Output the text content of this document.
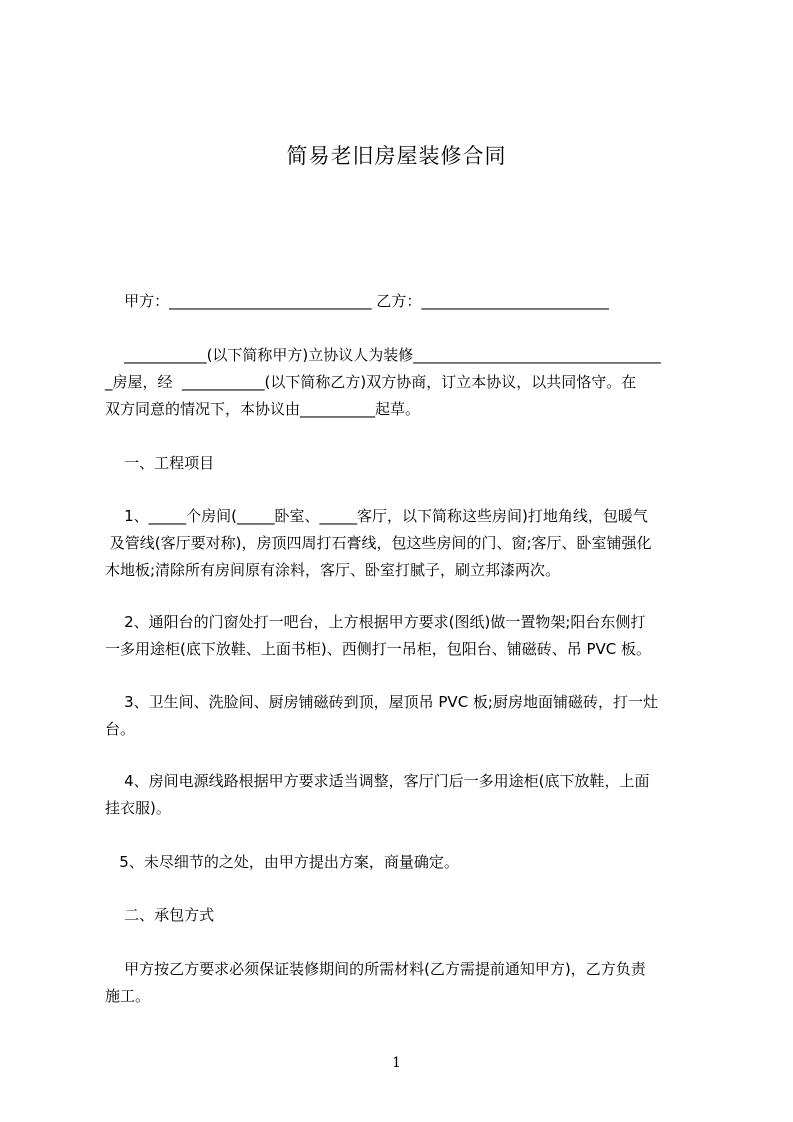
简易老旧房屋装修合同
甲方：___________________________ 乙方：_________________________
___________(以下简称甲方)立协议人为装修_________________________________
_房屋，经  ___________(以下简称乙方)双方协商，订立本协议，以共同恪守。在
双方同意的情况下，本协议由__________起草。
一、工程项目
1、_____个房间(_____卧室、_____客厅，以下简称这些房间)打地角线，包暖气
及管线(客厅要对称)，房顶四周打石膏线，包这些房间的门、窗;客厅、卧室铺强化
木地板;清除所有房间原有涂料，客厅、卧室打腻子，刷立邦漆两次。
2、通阳台的门窗处打一吧台，上方根据甲方要求(图纸)做一置物架;阳台东侧打
一多用途柜(底下放鞋、上面书柜)、西侧打一吊柜，包阳台、铺磁砖、吊 PVC 板。
3、卫生间、洗脸间、厨房铺磁砖到顶，屋顶吊 PVC 板;厨房地面铺磁砖，打一灶
台。
4、房间电源线路根据甲方要求适当调整，客厅门后一多用途柜(底下放鞋，上面
挂衣服)。
5、未尽细节的之处，由甲方提出方案，商量确定。
二、承包方式
甲方按乙方要求必须保证装修期间的所需材料(乙方需提前通知甲方)，乙方负责
施工。
1
